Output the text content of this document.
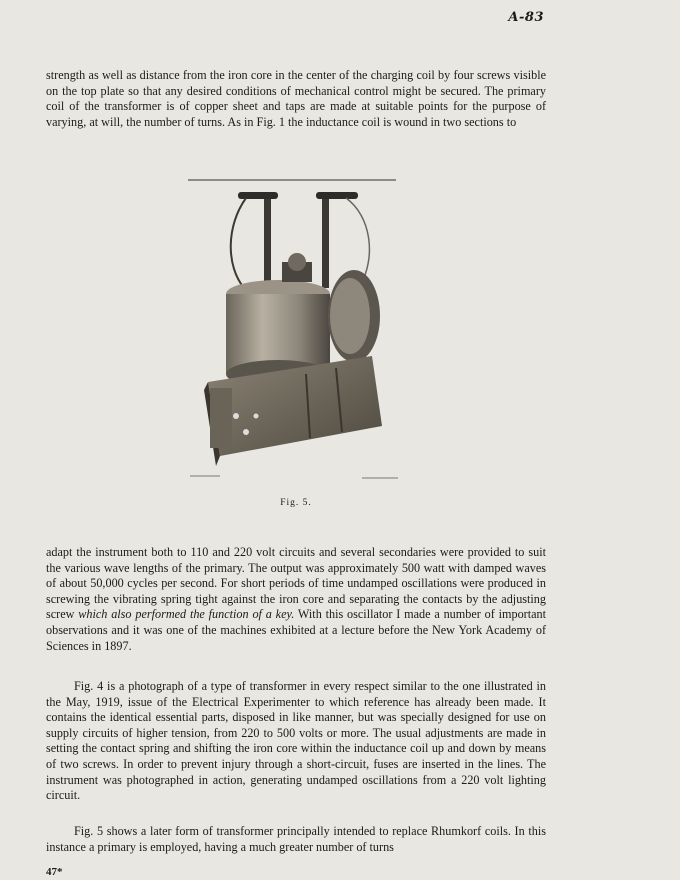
A-83

strength as well as distance from the iron core in the center of the charging coil by four screws visible on the top plate so that any desired conditions of mechanical control might be secured. The primary coil of the transformer is of copper sheet and taps are made at suitable points for the purpose of varying, at will, the number of turns. As in Fig. 1 the inductance coil is wound in two sections to

Fig. 5.

adapt the instrument both to 110 and 220 volt circuits and several secondaries were provided to suit the various wave lengths of the primary. The output was approximately 500 watt with damped waves of about 50,000 cycles per second. For short periods of time undamped oscillations were produced in screwing the vibrating spring tight against the iron core and separating the contacts by the adjusting screw which also performed the function of a key. With this oscillator I made a number of important observations and it was one of the machines exhibited at a lecture before the New York Academy of Sciences in 1897.

Fig. 4 is a photograph of a type of transformer in every respect similar to the one illustrated in the May, 1919, issue of the Electrical Experimenter to which reference has already been made. It contains the identical essential parts, disposed in like manner, but was specially designed for use on supply circuits of higher tension, from 220 to 500 volts or more. The usual adjustments are made in setting the contact spring and shifting the iron core within the inductance coil up and down by means of two screws. In order to prevent injury through a short-circuit, fuses are inserted in the lines. The instrument was photographed in action, generating undamped oscillations from a 220 volt lighting circuit.

Fig. 5 shows a later form of transformer principally intended to replace Rhumkorf coils. In this instance a primary is employed, having a much greater number of turns

47*
